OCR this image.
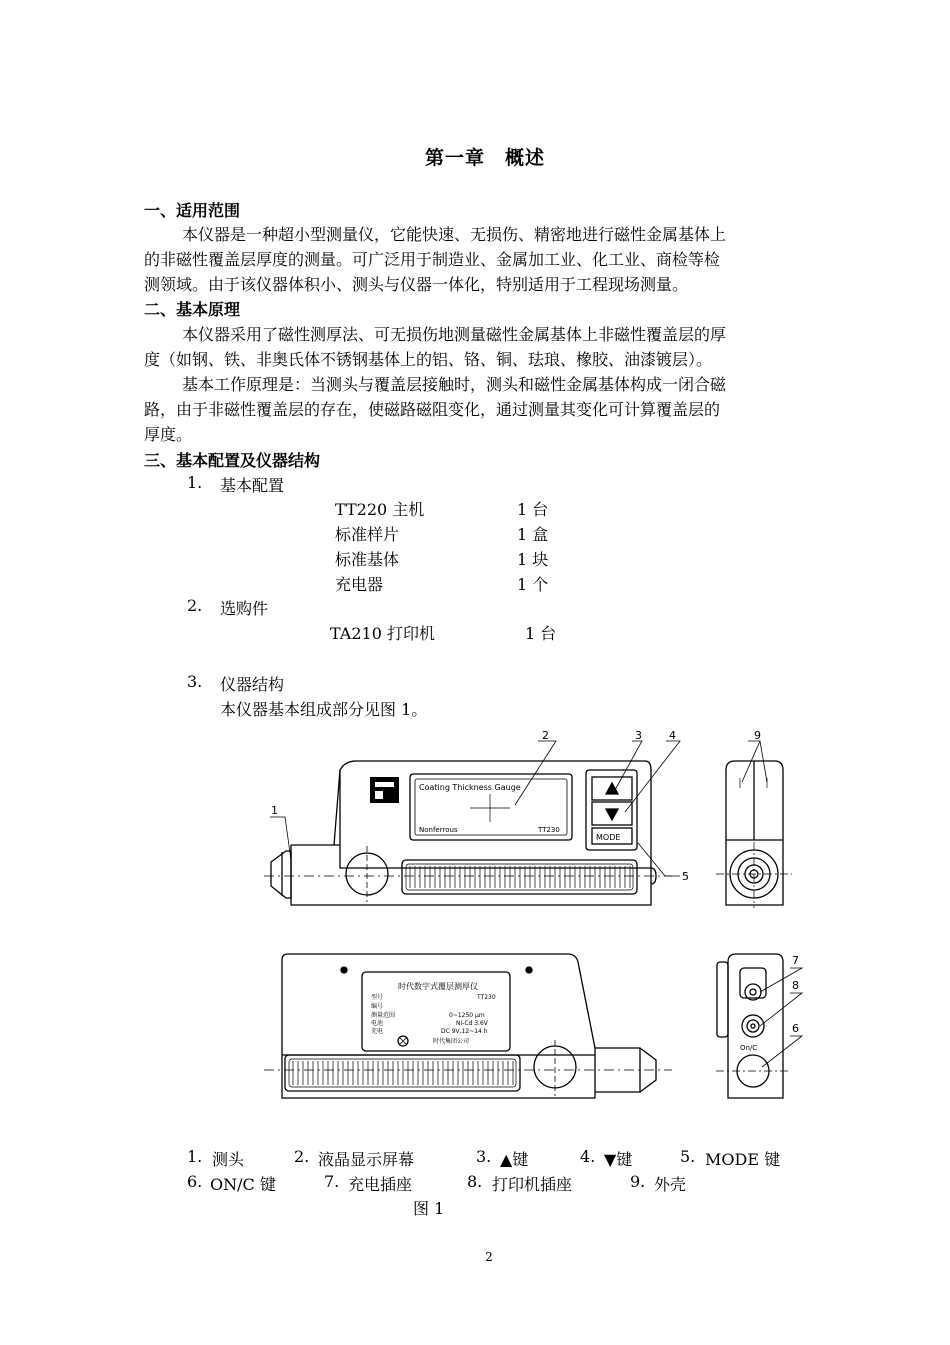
第一章　概述
一、适用范围
本仪器是一种超小型测量仪，它能快速、无损伤、精密地进行磁性金属基体上
的非磁性覆盖层厚度的测量。可广泛用于制造业、金属加工业、化工业、商检等检
测领域。由于该仪器体积小、测头与仪器一体化，特别适用于工程现场测量。
二、基本原理
本仪器采用了磁性测厚法、可无损伤地测量磁性金属基体上非磁性覆盖层的厚
度（如钢、铁、非奥氏体不锈钢基体上的铝、铬、铜、珐琅、橡胶、油漆镀层）。
基本工作原理是：当测头与覆盖层接触时，测头和磁性金属基体构成一闭合磁
路，由于非磁性覆盖层的存在，使磁路磁阻变化，通过测量其变化可计算覆盖层的
厚度。
三、基本配置及仪器结构
1. 基本配置
TT220 主机	1 台
标准样片	1 盒
标准基体	1 块
充电器	1 个
2. 选购件
TA210 打印机	1 台
3. 仪器结构
本仪器基本组成部分见图 1。
Coating Thickness Gauge
Nonferrous	TT230
MODE
On/C
时代数字式覆层测厚仪
型号	TT230
编号
测量范围	0~1250 μm
电池	Ni-Cd 3.6V
充电	DC 9V,12~14 h
时代集团公司
1
2	3 4
5
6
7
8
9
1. 测头	2. 液晶显示屏幕	3. ▲键	4. ▼键	5. MODE 键
6. ON/C 键	7. 充电插座	8. 打印机插座	9. 外壳
图 1
2
